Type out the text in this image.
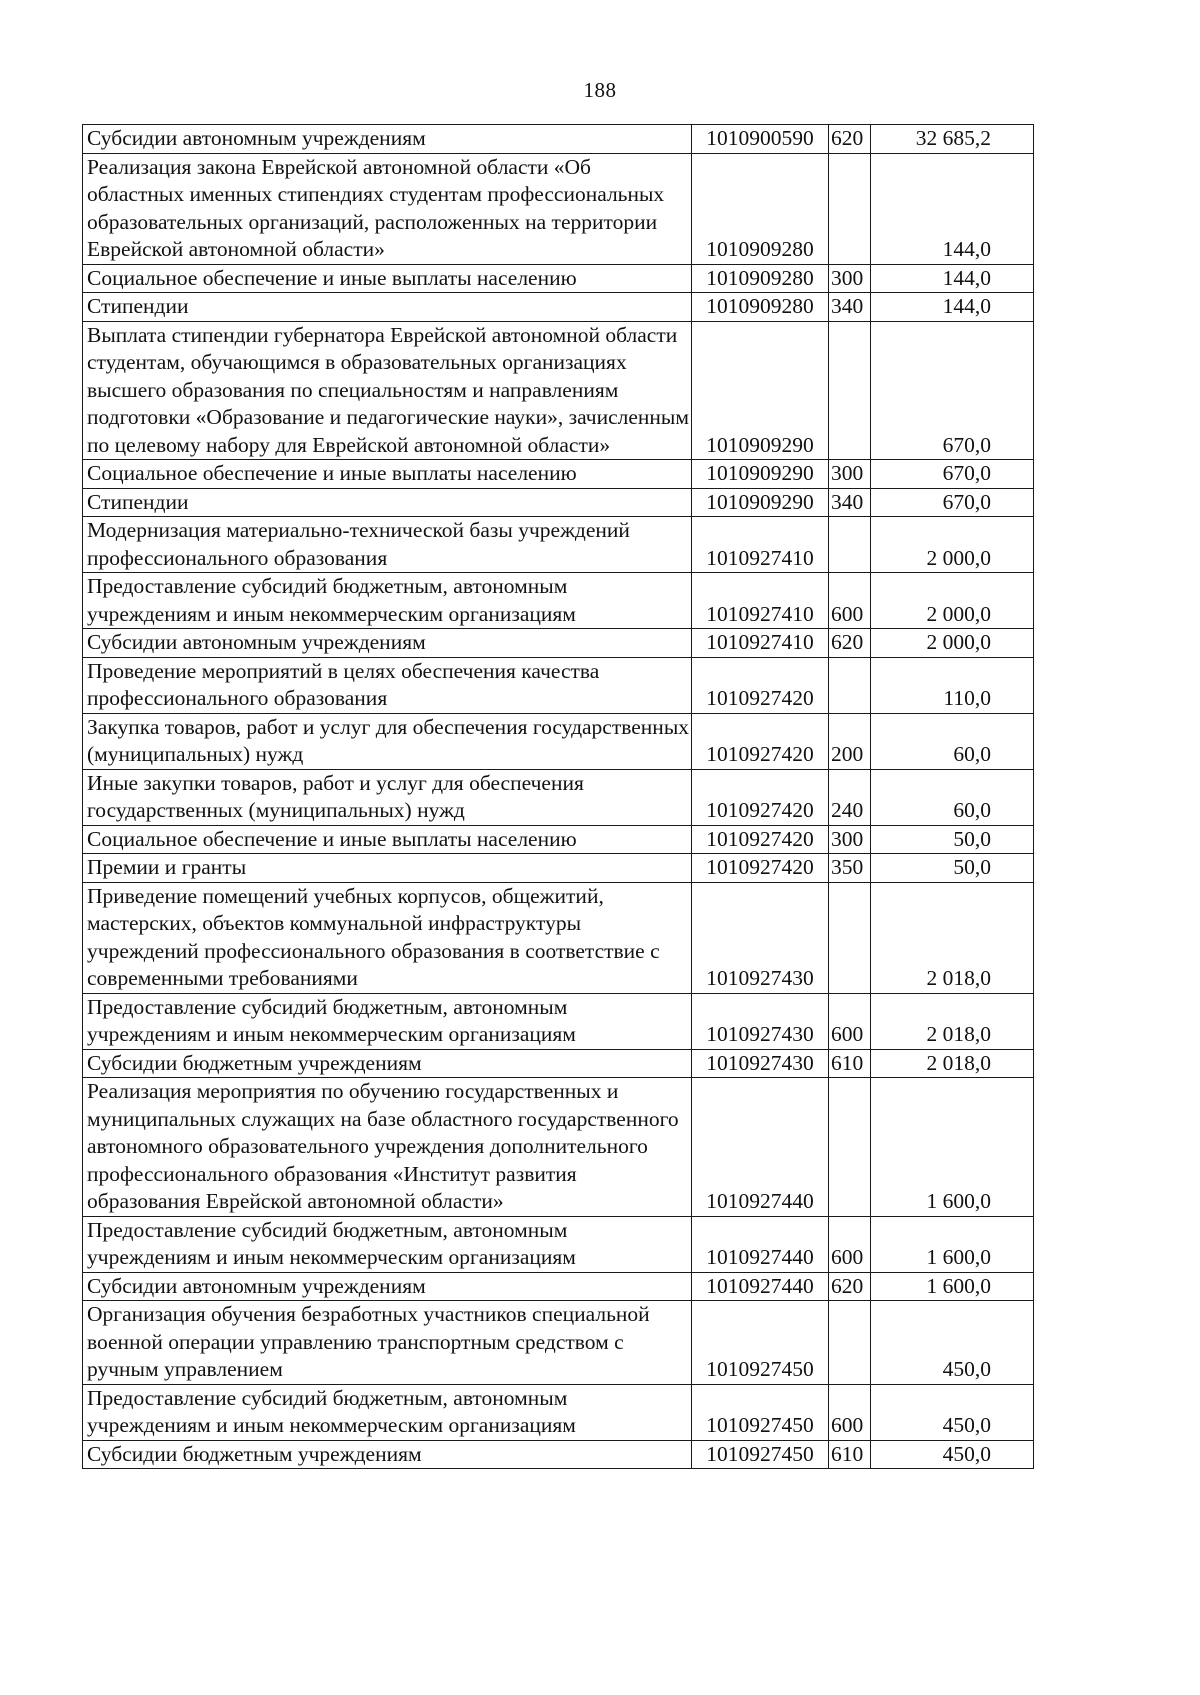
188
Субсидии автономным учреждениям	1010900590	620	32 685,2
Реализация закона Еврейской автономной области «Об областных именных стипендиях студентам профессиональных образовательных организаций, расположенных на территории Еврейской автономной области»	1010909280		144,0
Социальное обеспечение и иные выплаты населению	1010909280	300	144,0
Стипендии	1010909280	340	144,0
Выплата стипендии губернатора Еврейской автономной области студентам, обучающимся в образовательных организациях высшего образования по специальностям и направлениям подготовки «Образование и педагогические науки», зачисленным по целевому набору для Еврейской автономной области»	1010909290		670,0
Социальное обеспечение и иные выплаты населению	1010909290	300	670,0
Стипендии	1010909290	340	670,0
Модернизация материально-технической базы учреждений профессионального образования	1010927410		2 000,0
Предоставление субсидий бюджетным, автономным учреждениям и иным некоммерческим организациям	1010927410	600	2 000,0
Субсидии автономным учреждениям	1010927410	620	2 000,0
Проведение мероприятий в целях обеспечения качества профессионального образования	1010927420		110,0
Закупка товаров, работ и услуг для обеспечения государственных (муниципальных) нужд	1010927420	200	60,0
Иные закупки товаров, работ и услуг для обеспечения государственных (муниципальных) нужд	1010927420	240	60,0
Социальное обеспечение и иные выплаты населению	1010927420	300	50,0
Премии и гранты	1010927420	350	50,0
Приведение помещений учебных корпусов, общежитий, мастерских, объектов коммунальной инфраструктуры учреждений профессионального образования в соответствие с современными требованиями	1010927430		2 018,0
Предоставление субсидий бюджетным, автономным учреждениям и иным некоммерческим организациям	1010927430	600	2 018,0
Субсидии бюджетным учреждениям	1010927430	610	2 018,0
Реализация мероприятия по обучению государственных и муниципальных служащих на базе областного государственного автономного образовательного учреждения дополнительного профессионального образования «Институт развития образования Еврейской автономной области»	1010927440		1 600,0
Предоставление субсидий бюджетным, автономным учреждениям и иным некоммерческим организациям	1010927440	600	1 600,0
Субсидии автономным учреждениям	1010927440	620	1 600,0
Организация обучения безработных участников специальной военной операции управлению транспортным средством с ручным управлением	1010927450		450,0
Предоставление субсидий бюджетным, автономным учреждениям и иным некоммерческим организациям	1010927450	600	450,0
Субсидии бюджетным учреждениям	1010927450	610	450,0
